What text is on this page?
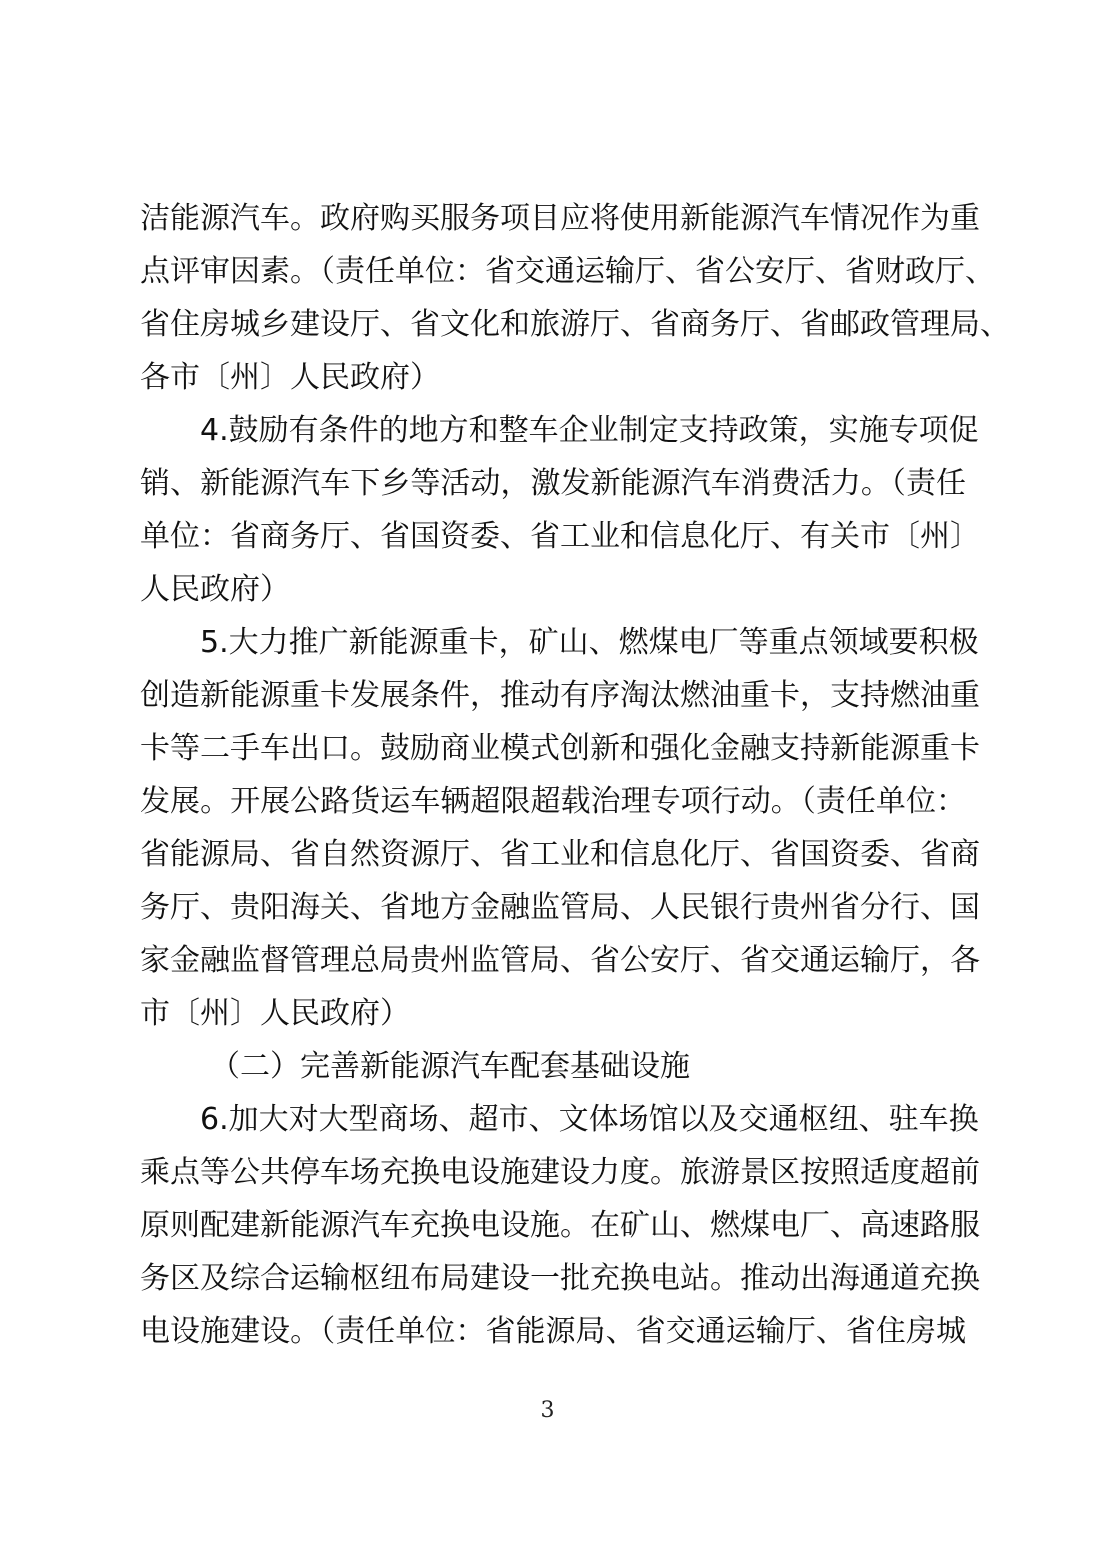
洁能源汽车。政府购买服务项目应将使用新能源汽车情况作为重
点评审因素。（责任单位：省交通运输厅、省公安厅、省财政厅、
省住房城乡建设厅、省文化和旅游厅、省商务厅、省邮政管理局、
各市〔州〕人民政府）
4.鼓励有条件的地方和整车企业制定支持政策，实施专项促
销、新能源汽车下乡等活动，激发新能源汽车消费活力。（责任
单位：省商务厅、省国资委、省工业和信息化厅、有关市〔州〕
人民政府）
5.大力推广新能源重卡，矿山、燃煤电厂等重点领域要积极
创造新能源重卡发展条件，推动有序淘汰燃油重卡，支持燃油重
卡等二手车出口。鼓励商业模式创新和强化金融支持新能源重卡
发展。开展公路货运车辆超限超载治理专项行动。（责任单位：
省能源局、省自然资源厅、省工业和信息化厅、省国资委、省商
务厅、贵阳海关、省地方金融监管局、人民银行贵州省分行、国
家金融监督管理总局贵州监管局、省公安厅、省交通运输厅，各
市〔州〕人民政府）
（二）完善新能源汽车配套基础设施
6.加大对大型商场、超市、文体场馆以及交通枢纽、驻车换
乘点等公共停车场充换电设施建设力度。旅游景区按照适度超前
原则配建新能源汽车充换电设施。在矿山、燃煤电厂、高速路服
务区及综合运输枢纽布局建设一批充换电站。推动出海通道充换
电设施建设。（责任单位：省能源局、省交通运输厅、省住房城
3
